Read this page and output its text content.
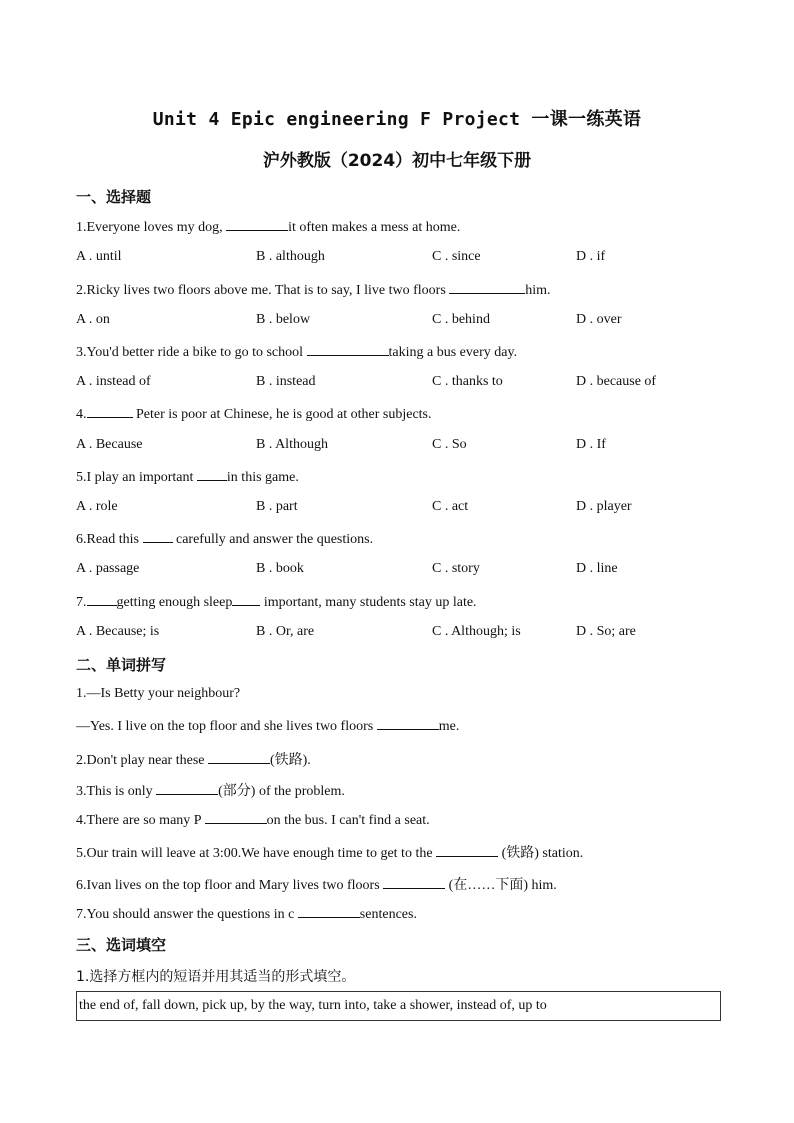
Unit 4 Epic engineering F Project 一课一练英语
沪外教版（2024）初中七年级下册
一、选择题
1.Everyone loves my dog,	it often makes a mess at home.
A . until	B . although	C . since	D . if
2.Ricky lives two floors above me. That is to say, I live two floors	him.
A . on	B . below	C . behind	D . over
3.You'd better ride a bike to go to school	taking a bus every day.
A . instead of	B . instead	C . thanks to	D . because of
4.	Peter is poor at Chinese, he is good at other subjects.
A . Because	B . Although	C . So	D . If
5.I play an important in this game.
A . role	B . part	C . act	D . player
6.Read this  carefully and answer the questions.
A . passage	B . book	C . story	D . line
7. getting enough sleep important, many students stay up late.
A . Because; is	B . Or, are	C . Although; is	D . So; are
二、单词拼写
1.—Is Betty your neighbour?
—Yes. I live on the top floor and she lives two floors	me.
2.Don't play near these	(铁路).
3.This is only	(部分) of the problem.
4.There are so many P	on the bus. I can't find a seat.
5.Our train will leave at 3:00.We have enough time to get to the	(铁路) station.
6.Ivan lives on the top floor and Mary lives two floors	(在……下面) him.
7.You should answer the questions in c	sentences.
三、选词填空
1.选择方框内的短语并用其适当的形式填空。
the end of, fall down, pick up, by the way, turn into, take a shower, instead of, up to
